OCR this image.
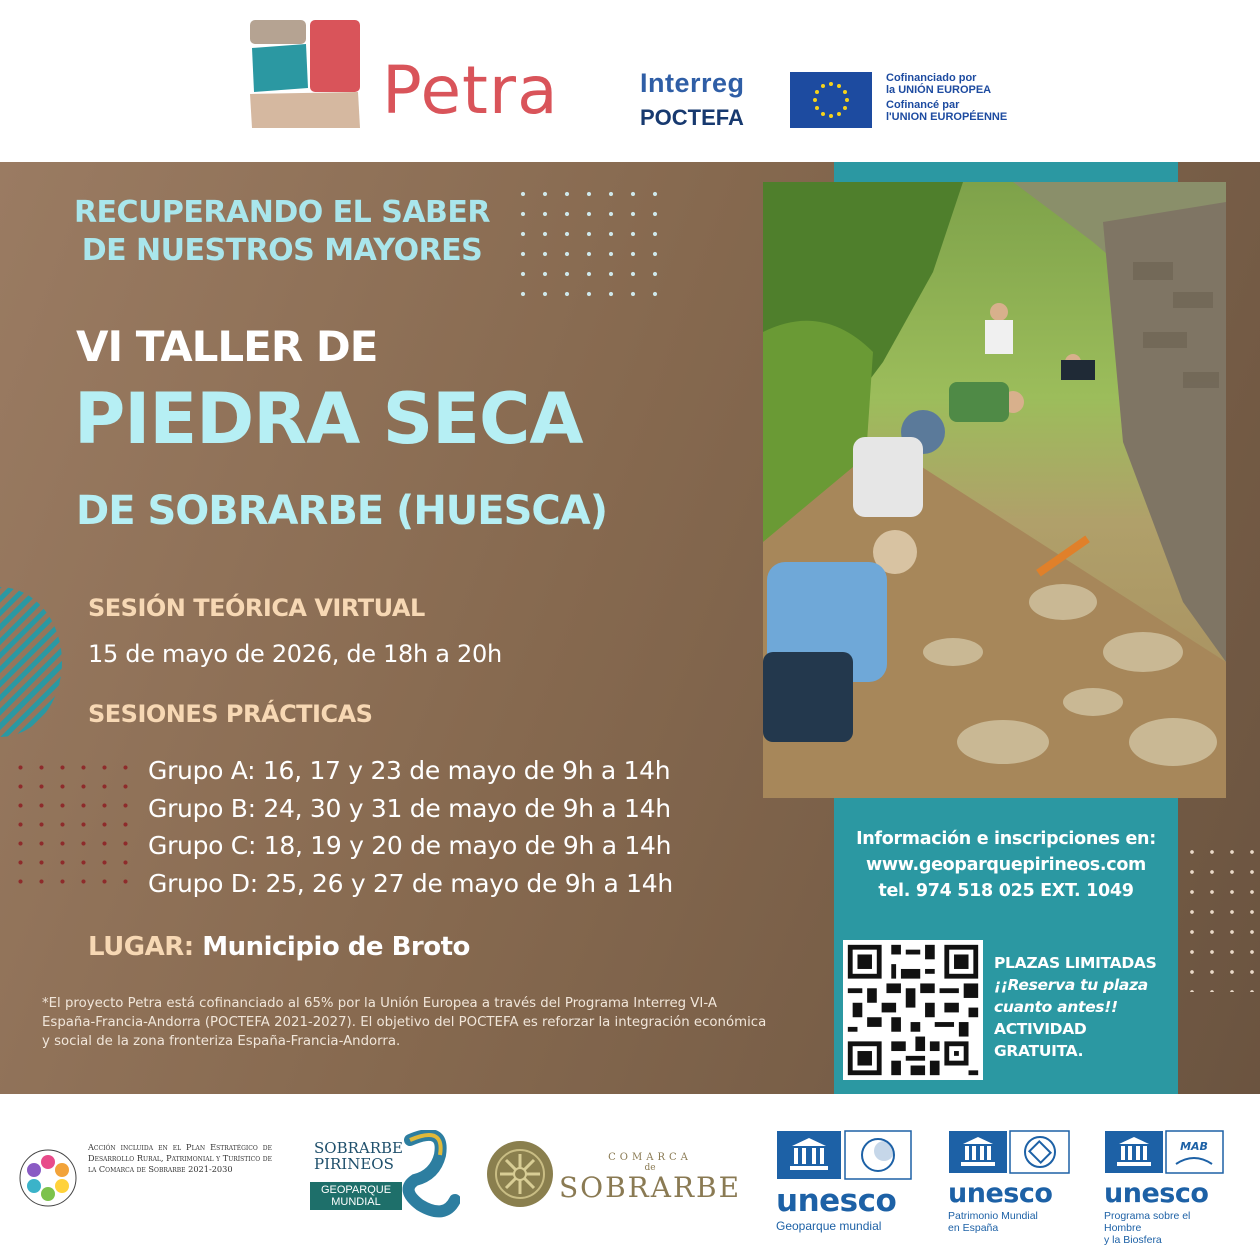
Petra	Interreg
POCTEFA
Cofinanciado por
la UNIÓN EUROPEA
Cofinancé par
l'UNION EUROPÉENNE
RECUPERANDO EL SABER
DE NUESTROS MAYORES
VI TALLER DE
PIEDRA SECA
DE SOBRARBE (HUESCA)
SESIÓN TEÓRICA VIRTUAL
15 de mayo de 2026, de 18h a 20h
SESIONES PRÁCTICAS
Grupo A: 16, 17 y 23 de mayo de 9h a 14h
Grupo B: 24, 30 y 31 de mayo de 9h a 14h
Grupo C: 18, 19 y 20 de mayo de 9h a 14h
Grupo D: 25, 26 y 27 de mayo de 9h a 14h
LUGAR: Municipio de Broto
*El proyecto Petra está cofinanciado al 65% por la Unión Europea a través del Programa Interreg VI-A España-Francia-Andorra (POCTEFA 2021-2027). El objetivo del POCTEFA es reforzar la integración económica y social de la zona fronteriza España-Francia-Andorra.
Información e inscripciones en:
www.geoparquepirineos.com
tel. 974 518 025 EXT. 1049
PLAZAS LIMITADAS
¡¡Reserva tu plaza cuanto antes!!
ACTIVIDAD GRATUITA.
Acción incluida en el Plan Estratégico de Desarrollo Rural, Patrimonial y Turístico de la Comarca de Sobrarbe 2021-2030
SOBRARBE
PIRINEOS
GEOPARQUE
MUNDIAL
COMARCA
de
SOBRARBE unesco
Geoparque mundial
unesco
Patrimonio Mundial
en España
MAB
unesco
Programa sobre el Hombre
y la Biosfera
